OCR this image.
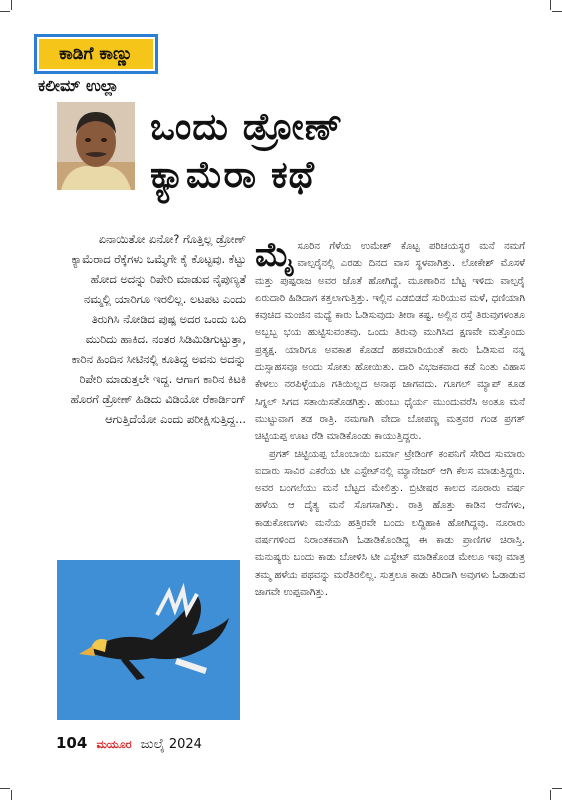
ಕಾಡಿಗೆ ಕಾಣ್ಣು
ಕಲೀಮ್ ಉಲ್ಲಾ
ಒಂದು ಡ್ರೋಣ್
ಕ್ಯಾಮೆರಾ ಕಥೆ
ಏನಾಯಿತೋ ಏನೋ? ಗೊತ್ತಿಲ್ಲ ಡ್ರೋಣ್ ಕ್ಯಾಮೆರಾದ ರೆಕ್ಕೆಗಳು ಒಮ್ಮೆಗೇ ಕೈ ಕೊಟ್ಟವು. ಕೆಟ್ಟು ಹೋದ ಅದನ್ನು ರಿಪೇರಿ ಮಾಡುವ ನೈಪುಣ್ಯತೆ ನಮ್ಮಲ್ಲಿ ಯಾರಿಗೂ ಇರಲಿಲ್ಲ. ಲಟಪಟ ಎಂದು ತಿರುಗಿಸಿ ನೋಡಿದ ಪುಷ್ಪ ಅದರ ಒಂದು ಬದಿ ಮುರಿದು ಹಾಕಿದ. ನಂತರ ಸಿಡಿಮಿಡಿಗುಟ್ಟುತ್ತಾ, ಕಾರಿನ ಹಿಂದಿನ ಸೀಟಿನಲ್ಲಿ ಕೂತಿದ್ದ ಅವನು ಅದನ್ನು ರಿಪೇರಿ ಮಾಡುತ್ತಲೇ ಇದ್ದ. ಆಗಾಗ ಕಾರಿನ ಕಿಟಕಿ ಹೊರಗೆ ಡ್ರೋಣ್ ಹಿಡಿದು ವಿಡಿಯೋ ರೆಕಾರ್ಡಿಂಗ್ ಆಗುತ್ತಿದೆಯೋ ಎಂದು ಪರೀಕ್ಷಿಸುತ್ತಿದ್ದ...
104 ಮಯೂರ ಜುಲೈ 2024

ಮೈಸೂರಿನ ಗೆಳೆಯ ಉಮೇಶ್ ಕೊಟ್ಟ ಪರಿಚಯಸ್ಥರ ಮನೆ ನಮಗೆ ವಾಲ್ಪರೈನಲ್ಲಿ ಎರಡು ದಿನದ ವಾಸ ಸ್ಥಳವಾಗಿತ್ತು. ಲೋಕೇಶ್ ಮೊಸಳೆ ಮತ್ತು ಪುಷ್ಪರಾಜ ಅವರ ಜೊತೆ ಹೋಗಿದ್ದೆ. ಮೂಣಾರಿನ ಬೆಟ್ಟ ಇಳಿದು ವಾಲ್ಪರೈ ಏರುದಾರಿ ಹಿಡಿದಾಗ ಕತ್ತಲಾಗುತ್ತಿತ್ತು. ಇಲ್ಲಿನ ಎಡಬಿಡದೆ ಸುರಿಯುವ ಮಳೆ, ಧಣಿಯಾಗಿ ಕವುಚಿದ ಮಂಜಿನ ಮಧ್ಯೆ ಕಾರು ಓಡಿಸುವುದು ತೀರಾ ಕಷ್ಟ. ಅಲ್ಲಿನ ರಸ್ತೆ ತಿರುವುಗಳಂತೂ ಅಬ್ಬಬ್ಬ ಭಯ ಹುಟ್ಟಿಸುವಂತವು. ಒಂದು ತಿರುವು ಮುಗಿಸಿದ ಕ್ಷಣವೇ ಮತ್ತೊಂದು ಪ್ರತ್ಯಕ್ಷ. ಯಾರಿಗೂ ಅವಕಾಶ ಕೊಡದೆ ಹಠಮಾರಿಯಂತೆ ಕಾರು ಓಡಿಸುವ ನನ್ನ ದುಸ್ಸಾಹಸವೂ ಅಂದು ಸೋತು ಹೋಯಿತು. ದಾರಿ ವಿಭಜಕವಾದ ಕಡೆ ನಿಂತು ವಿಹಾಸ ಕೇಳಲು ನರಪಿಳ್ಳೆಯೂ ಗತಿಯಿಲ್ಲದ ಅನಾಥ ಜಾಗವದು. ಗೂಗಲ್ ಮ್ಯಾಪ್ ಕೂಡ ಸಿಗ್ನಲ್ ಸಿಗದ ಸತಾಯಿಸತೊಡಗಿತ್ತು. ಹುಂಬು ಧೈರ್ಯ ಮುಂದುವರೆಸಿ ಅಂತೂ ಮನೆ ಮುಟ್ಟುವಾಗ ತಡ ರಾತ್ರಿ. ನಮಗಾಗಿ ವೇದಾ ಬೋಪಣ್ಣ ಮತ್ತವರ ಗಂಡ ಪ್ರಗತ್ ಚಿಟ್ಟಿಯಪ್ಪ ಊಟ ರೆಡಿ ಮಾಡಿಕೊಂಡು ಕಾಯುತ್ತಿದ್ದರು.

ಪ್ರಗತ್ ಚಿಟ್ಟಿಯಪ್ಪ ಬೊಂಬಾಯಿ ಬರ್ಮಾ ಟ್ರೇಡಿಂಗ್ ಕಂಪನಿಗೆ ಸೇರಿದ ಸುಮಾರು ಐದಾರು ಸಾವಿರ ಎಕರೆಯ ಟೀ ಎಸ್ಟೇಟ್‌ನಲ್ಲಿ ಮ್ಯಾನೇಜರ್ ಆಗಿ ಕೆಲಸ ಮಾಡುತ್ತಿದ್ದರು. ಅವರ ಬಂಗಲೆಯು ಮನೆ ಬೆಟ್ಟದ ಮೇಲಿತ್ತು. ಬ್ರಿಟೀಷರ ಕಾಲದ ನೂರಾರು ವರ್ಷ ಹಳೆಯ ಆ ದೈತ್ಯ ಮನೆ ಸೊಗಸಾಗಿತ್ತು. ರಾತ್ರಿ ಹೊತ್ತು ಕಾಡಿನ ಆನೆಗಳು, ಕಾಡುಕೋಣಗಳು ಮನೆಯ ಹತ್ತಿರವೇ ಬಂದು ಲದ್ದಿಹಾಕಿ ಹೋಗಿದ್ದವು. ನೂರಾರು ವರ್ಷಗಳಿಂದ ನಿರಾಂತಕವಾಗಿ ಓಡಾಡಿಕೊಂಡಿದ್ದ ಈ ಕಾಡು ಪ್ರಾಣಿಗಳ ಚಿರಾಸ್ತಿ. ಮನುಷ್ಯರು ಬಂದು ಕಾಡು ಬೋಳಿಸಿ ಟೀ ಎಸ್ಟೇಟ್ ಮಾಡಿಕೊಂಡ ಮೇಲೂ ಇವು ಮಾತ್ರ ತಮ್ಮ ಹಳೆಯ ಪಥವನ್ನು ಮರೆತಿರಲಿಲ್ಲ. ಸುತ್ತಲೂ ಕಾಡು ಕಿರಿದಾಗಿ ಅವುಗಳು ಓಡಾಡುವ ಜಾಗವೇ ಉಪ್ಪವಾಗಿತ್ತು.
